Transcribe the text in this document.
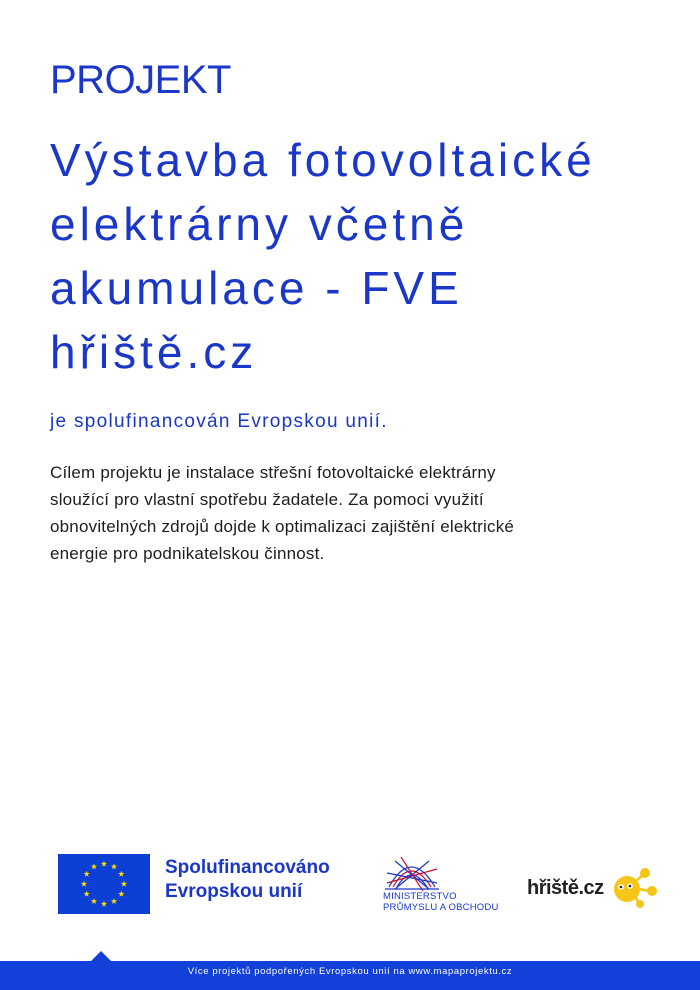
PROJEKT
Výstavba fotovoltaické
elektrárny včetně
akumulace - FVE
hřiště.cz

je spolufinancován Evropskou unií.

Cílem projektu je instalace střešní fotovoltaické elektrárny
sloužící pro vlastní spotřebu žadatele. Za pomoci využití
obnovitelných zdrojů dojde k optimalizaci zajištění elektrické
energie pro podnikatelskou činnost.

Spolufinancováno
Evropskou unií	MINISTERSTVO
PRŮMYSLU A OBCHODU
hřiště.cz
Více projektů podpořených Evropskou unií na www.mapaprojektu.cz
